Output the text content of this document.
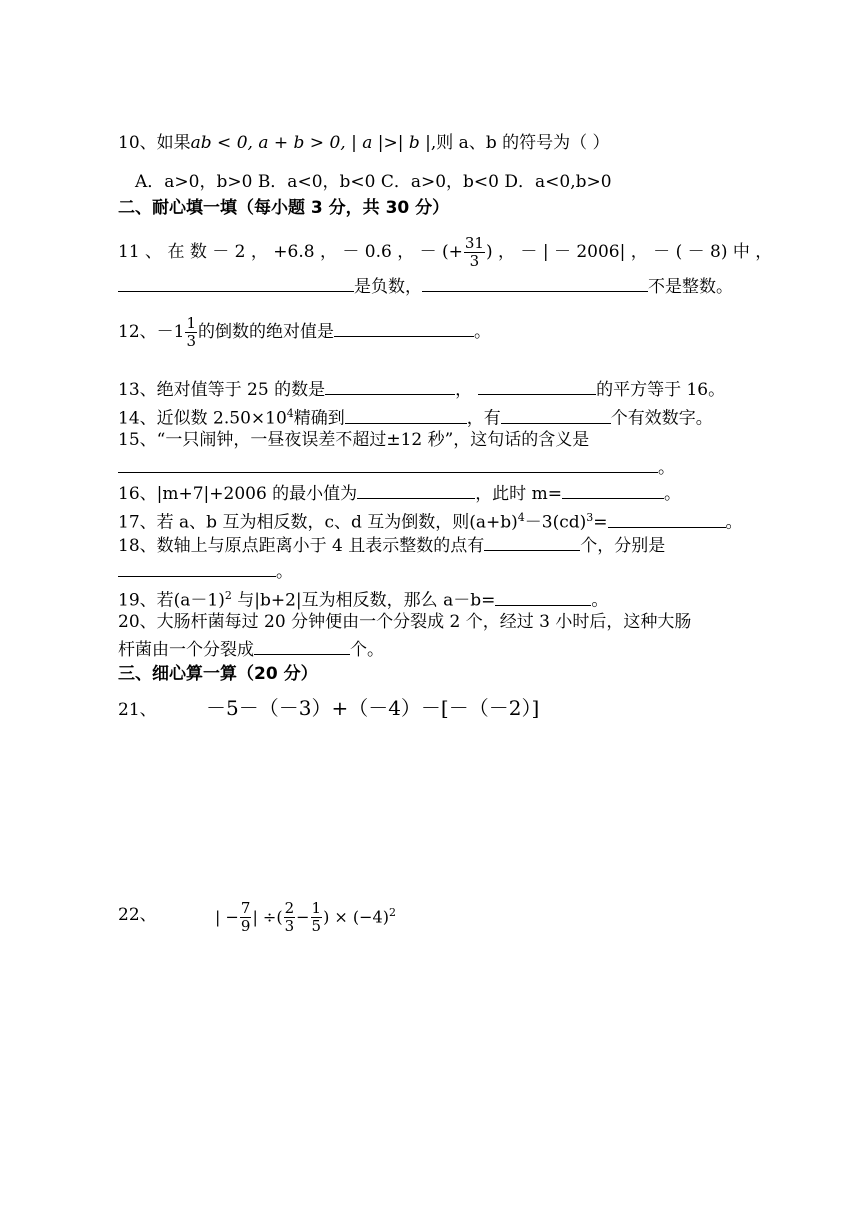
10、如果ab < 0, a + b > 0, | a |>| b |,则 a、b 的符号为（ ）
A．a>0，b>0 B．a<0，b<0 C．a>0，b<0 D．a<0,b>0
二、耐心填一填（每小题 3 分，共 30 分）
11 、 在 数 － 2 ， +6.8 ， － 0.6 ， － (+ $\frac{31}{3}$ ) ， － | － 2006| ， － ( － 8) 中 ，
是负数，	不是整数。
12、$-1 \frac{1}{3}$ 的倒数的绝对值是	。
13、绝对值等于 25 的数是	，	的平方等于 16。
14、近似数 $2.50\times 10^4$精确到	，有	个有效数字。
15、“一只闹钟，一昼夜误差不超过±12 秒”，这句话的含义是
。
16、|m+7|+2006 的最小值为	，此时 m=	。
17、若 a、b 互为相反数，c、d 互为倒数，则$(a+b)^4-3(cd)^3=$	。
18、数轴上与原点距离小于 4 且表示整数的点有	个，分别是
。
19、若$(a-1)^2$ 与|b+2|互为相反数，那么 a－b=	。
20、大肠杆菌每过 20 分钟便由一个分裂成 2 个，经过 3 小时后，这种大肠
杆菌由一个分裂成	个。
三、细心算一算（20 分）
21、 －5－（－3）+（－4）－[－（－2）]
22、	| − $\frac{7}{9}$ | ÷( $\frac{2}{3} - \frac{1}{5}$ ) × $(-4)^2$
